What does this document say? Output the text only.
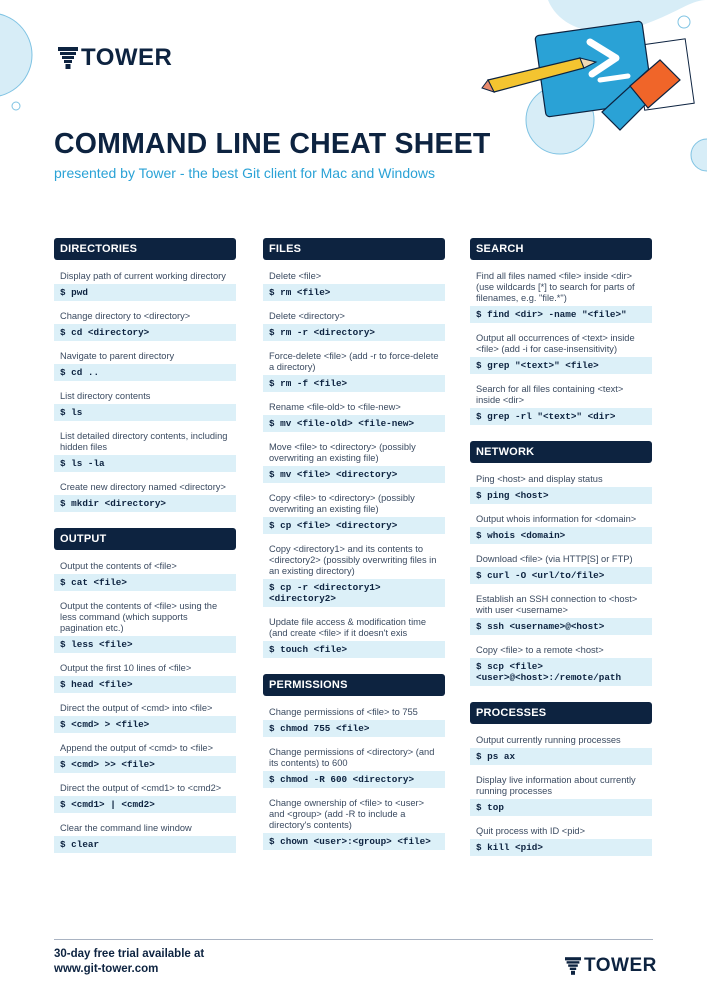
TOWER
COMMAND LINE CHEAT SHEET
presented by Tower - the best Git client for Mac and Windows
DIRECTORIES
Display path of current working directory
$ pwd
Change directory to <directory>
$ cd <directory>
Navigate to parent directory
$ cd ..
List directory contents
$ ls
List detailed directory contents, including hidden files
$ ls -la
Create new directory named <directory>
$ mkdir <directory>
OUTPUT
Output the contents of <file>
$ cat <file>
Output the contents of <file> using the less command (which supports pagination etc.)
$ less <file>
Output the first 10 lines of <file>
$ head <file>
Direct the output of <cmd> into <file>
$ <cmd> > <file>
Append the output of <cmd> to <file>
$ <cmd> >> <file>
Direct the output of <cmd1> to <cmd2>
$ <cmd1> | <cmd2>
Clear the command line window
$ clear
FILES
Delete <file>
$ rm <file>
Delete <directory>
$ rm -r <directory>
Force-delete <file> (add -r to force-delete a directory)
$ rm -f <file>
Rename <file-old> to <file-new>
$ mv <file-old> <file-new>
Move <file> to <directory> (possibly overwriting an existing file)
$ mv <file> <directory>
Copy <file> to <directory> (possibly overwriting an existing file)
$ cp <file> <directory>
Copy <directory1> and its contents to <directory2> (possibly overwriting files in an existing directory)
$ cp -r <directory1> <directory2>
Update file access & modification time (and create <file> if it doesn't exis
$ touch <file>
PERMISSIONS
Change permissions of <file> to 755
$ chmod 755 <file>
Change permissions of <directory> (and its contents) to 600
$ chmod -R 600 <directory>
Change ownership of <file> to <user> and <group> (add -R to include a directory's contents)
$ chown <user>:<group> <file>
SEARCH
Find all files named <file> inside <dir> (use wildcards [*] to search for parts of filenames, e.g. "file.*")
$ find <dir> -name "<file>"
Output all occurrences of <text> inside <file> (add -i for case-insensitivity)
$ grep "<text>" <file>
Search for all files containing <text> inside <dir>
$ grep -rl "<text>" <dir>
NETWORK
Ping <host> and display status
$ ping <host>
Output whois information for <domain>
$ whois <domain>
Download <file> (via HTTP[S] or FTP)
$ curl -O <url/to/file>
Establish an SSH connection to <host> with user <username>
$ ssh <username>@<host>
Copy <file> to a remote <host>
$ scp <file> <user>@<host>:/remote/path
PROCESSES
Output currently running processes
$ ps ax
Display live information about currently running processes
$ top
Quit process with ID <pid>
$ kill <pid>
30-day free trial available at
www.git-tower.com	TOWER
